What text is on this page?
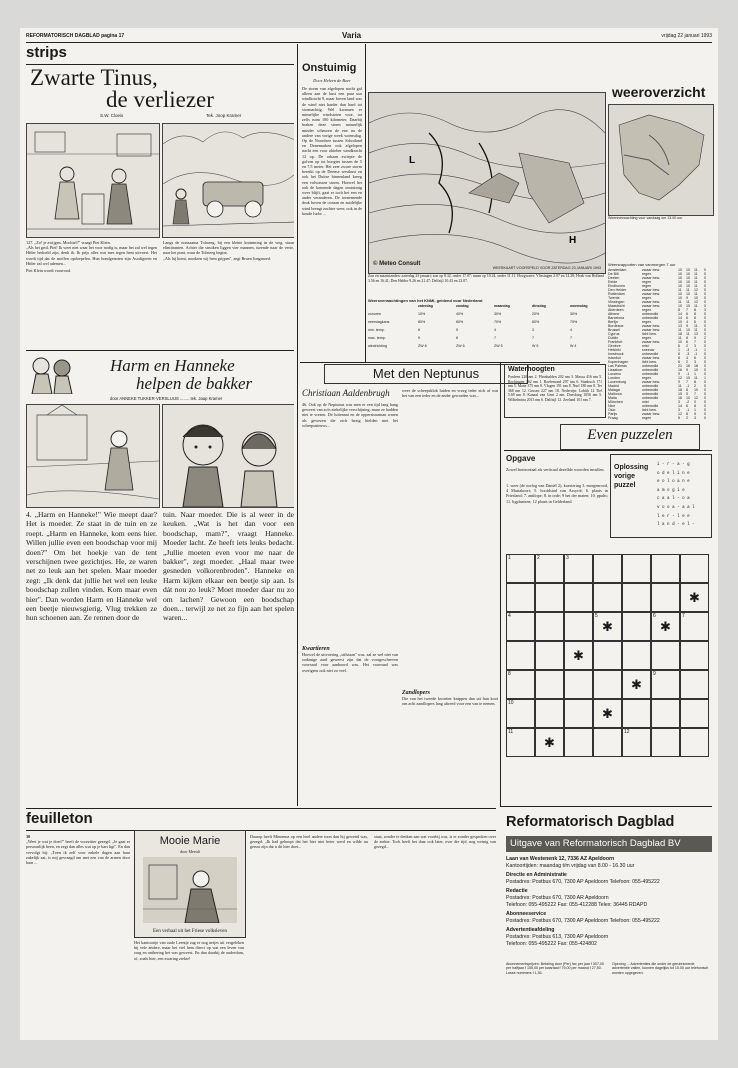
REFORMATORISCH DAGBLAD pagina 17	Varia	vrijdag 22 januari 1993
strips
Zwarte Tinus,
de verliezer
S.W. Cloeis	Tek. Joop Kramer
127. „Zo! je zwijgen, Mochiel?" vraagt Piet Klein.
„Als het grid, Piet! Ik weet niet waar het voor nodig is, maar het zal wel tegen Hitler bedoeld zijn, denk ik. Ik prijs alles wat mes tegen hem uitvoert. Het wordt tijd dat de moffen opdoepelen. Hun bondgenoten zijn Asodigeren en Hitler zal wel ademen...
Piet Klein wordt voorrood.
Langs de nonzaama Tolsteeg, bij een kleine kromming in de weg, staan elimitranten. Achter die struiken liggen vier mannen, turende naar de verte, naar het punt, waar de Tolsteeg begint.
„Als hij komt, noodzen wij hem grijpen", zegt Bruen Jongmoed.
Harm en Hanneke
helpen de bakker
door ANNEKE TUKKER-VERSLUIJS ........ tek. Jaap Kramer
4. „Harm en Hanneke!" Wie meept daar? Het is moeder. Ze staat in de tuin en ze roept. „Harm en Hanneke, kom eens hier. Willen jullie even een boodschap voor mij doen?" Om het hoekje van de tent verschijnen twee gezichtjes. He, ze waren net zo leuk aan het spelen. Maar moeder zegt: „Ik denk dat jullie het wel een leuke boodschap zullen vinden. Kom maar even hier". Dan worden Harm en Hanneke wel een beetje nieuwsgierig. Vlug trekken ze hun schoenen aan. Ze rennen door de
tuin. Naar moeder. Die is al weer in de keuken. „Wat is het dan voor een boodschap, mam?", vraagt Hanneke. Moeder lacht. Ze heeft iets leuks bedacht. „Jullie moeten even voor me naar de bakker", zegt moeder. „Haal maar twee gesneden volkorenbroden". Hanneke en Harm kijken elkaar een beetje sip aan. Is dát nou zo leuk? Moet moeder daar nu zo om lachen? Gewoon een boodschap doen... terwijl ze net zo fijn aan het spelen waren...
Onstuimig
Door Heleen de Boer
De storm van afgelopen nacht gaf alleen aan de kust een paar uur windkracht 9, maar boven land was de wind niet harder dan hard tot stormachtig. Wel kwamen er mimelijke windstoten voor, tot zelfs ruim 100 kilometer. Daarbij braken deze storm natuurlijk minder scheuren de ene na de andere van vorige week woensdag. Op de Noordzee tussen Schotland en Denemarken ook afgelopen nacht een voor oktober windkracht 12 op. De orkaan zwiepte de golven op tot hoogtes tussen de 5 en 7,5 meter. Het zeer zware storm bereikt op de Deense westkust en ook het Duitse binnenland kreeg een volwassen storm. Hoewel het ook de komende dagen onstuimig weer blijft, gaat er toch het een en ander veranderen. De toenemende druk boven de oceaan en zuidelijke wind brengt zachter weer, ook in de koude lucht ...
weeroverzicht
L
H
© Meteo Consult
WEERKAART VOORSPELD VOOR ZATERDAG 23 JANUARI 1993
Zon en maanstanden: zaterdag 23 januari; zon op 8.32, onder 17.07; maan op 10.24, onder 11.11. Hoogwater: Vlissingen 2.07 en 14.28; Hoek van Holland 3.56 en 16.41; Den Helder 9.26 en 21.47; Delfzijl 10.43 en 23.07.
Weersverwachtingen van het KNMI, geldend voor Nederland
zaterdag	zondag	maandag	dinsdag	woensdag
zonuren	10%	40%	30%	20%	30%
neerslagkans	80%	60%	70%	80%	70%
min. temp.	6	5	4	3	4
max. temp.	9	8	7	7	7
windrichting	ZW 8	ZW 6	ZW 5	W 5	W 4
Weersverwachting voor vandaag om 13.00 uur
Weersrapporten van vanmorgen 7 uur
Amsterdam	zwaar bew.	10 10 11 0
De Bilt	regen	10 10 11 0
Deelen	zwaar bew.	10 10 11 0
Eelde	regen	10 10 11 0
Eindhoven	regen	10 10 11 0
Den Helder	zwaar bew.	11 11 12 0
Rotterdam	zwaar bew.	10 10 11 0
Twente	regen	10 9 10 0
Vlissingen	zwaar bew.	11 11 12 0
Maastricht	zwaar bew.	10 10 11 0
Aberdeen	regen	8 7 8 3
Athene	onbewolkt	14 6 8 0
Barcelona	onbewolkt	14 6 8 0
Berlijn	regen	10 4 6 0
Bordeaux	zwaar bew.	13 9 11 0
Brussel	zwaar bew.	11 10 11 0
Cyprus	licht bew.	18 11 13 0
Dublin	regen	11 8 9 2
Frankfort	zwaar bew.	10 6 7 0
Genève	mist	6 2 3 0
Helsinki	sneeuw	1 -3 -1 1
Innsbruck	onbewolkt	6 -3 -1 0
Istanbul	zwaar bew.	8 4 6 0
Kopenhagen	licht bew.	6 2 3 0
Las Palmas	onbewolkt	21 16 18 0
Lissabon	onbewolkt	16 9 10 0
Locarno	onbewolkt	9 -1 1 0
Londen	regen	12 10 11 1
Luxemburg	zwaar bew.	9 7 8 0
Madrid	onbewolkt	11 -1 2 0
Malaga	onbewolkt	18 8 10 0
Mallorca	onbewolkt	15 5 7 0
Malta	onbewolkt	16 10 12 0
München	mist	3 -2 0 0
Nice	onbewolkt	14 6 8 0
Oslo	licht bew.	3 -1 1 0
Parijs	zwaar bew.	12 8 9 0
Praag	regen	6 2 3 0
Met den Neptunus
Christiaan Aaldenbrugh
46. Ook op de Neptunus was men er een tijd lang bang geweest van zo'n ziekelijke verschijning, maar ze hadden niet te vrezen. De luitenant en de opperstuurman waren als gewezen die zich bezig hielden met het scheepsnieuws...
Kwartieren
Hoewel de uitvoering „stilstaan" was, zal ze wel niet van zodanige aard geweest zijn dat de voorgeschreven voorraad voor aanboord was. Het voorraad was overigens ook niet zo veel.
weer de scheepsklok luiden en vroeg ieder zich af wat het van een ieder en de ander geworden was...
Zandlopers
Die van het tweede kwartier knippen dan uit hun kooi om acht zandlopers lang aftreed voor een van te nemen.
Waterhoogten
Pardeen 220 nm 2. Pleinhalden 202 nm 3. Massa 416 nm 5. Rochingen 162 nm 1. Roelemond 207 nm 6. Stanhuch 171 nm 5. Mane 375 nm 8. Vlugen 191 nm 8. Nurl 180 nm 8. Ter 368 nm 12. Grusen 227 nm 18. Nederrijn: Lobith 12 Tiel 5.69 nm 8. Kanaal van Gent 2 nm. Doesburg 1056 nm 5. Wilhelmina 2013 nm 6. Dalfzijl 12. Zeeland 101 nm 7.
Even puzzelen
Opgave
Zowel horizontaal als verticaal dezelfde woorden invullen.
1. weer (de oorlog van Daniël 2), koestering 3. morgenrood, 4 Mariakoort; 5. hoofdstad van Assyrië; 6. plaats in Friesland; 7. antilope; 8. in orde; 9 hei der maten; 10. ppalts; 11. ligplaatsen; 12 plaats in Gelderland.
Oplossing vorige puzzel
i - r - a - g
o d e l i n e
e o l o a n e
a m o g i e
c a a l - o a
v o o a - a a l
l e r - l e e
l a n d - e l -
1	2	3
✱
4	5
✱
6
✱
7
✱
8
✱
9
10
✱
11
✱
12
Reformatorisch Dagblad
Uitgave van Reformatorisch Dagblad BV
Laan van Westenenk 12, 7336 AZ Apeldoorn
Kantoortijden: maandag t/m vrijdag van 8.00 - 16.30 uur
Directie en Administratie
Postadres: Postbus 670, 7300 AP Apeldoorn Telefoon: 055-495222
Redactie
Postadres: Postbus 670, 7300 AR Apeldoorn
Telefoon: 055-495222 Fax: 055-412288 Telex: 36445 RDAPD
Abonneeservice
Postadres: Postbus 670, 7300 AP Apeldoorn Telefoon: 055-495222
Advertentieafdeling
Postadres: Postbus 613, 7300 AP Apeldoorn
Telefoon: 055-495222 Fax: 055-424802
Abonnementsprijzen: Betaling door (Per) fax per jaar f 307,00 per halfjaar f 155,00 per kwartaal f 79,00 per maand f 27,50. Losse nummers f 1,35.
Opening ... Advertenties die onder de gerubriceerde advertentie vallen, kunnen dagelijks tot 15.00 uur telefonisch worden opgegeven.
feuilleton
30
„Weet je wat je doet?" heeft de voorzitter gezegd. „Je gaat er persoonlijk heen, en zegt dan alles wat op je hart ligt". En dan vervolgt hij: „Toen ik zelf voor enkele dagen aan haar zakelijk zat, is mij gevraagd om met een van de armen door haar ...
Mooie Marie
door Meeuli
Een verhaal uit het Friese volksleven
Het kantoortje van oude Leentje zag er nog netjes uit vergeleken bij vele andere, maar het viel hem direct op wat een leven van zorg en ontbering het was geweest. En dan daarbij de ouderdom, of, zoals hier, een zwaring ziekte!
Daarop heeft Minnema op een heel andere toon dan hij gewend was, gezegd: „Ik had gehoopt dat het hier niet beter werd en wilde nu gerust zijn dat u dit hier doet...
staat, zonder te denken aan wat voorbij was, is er zonder gesproken over de ziekte. Toch heeft het daar ook later, over die tijd, nog weinig van gezegd...
